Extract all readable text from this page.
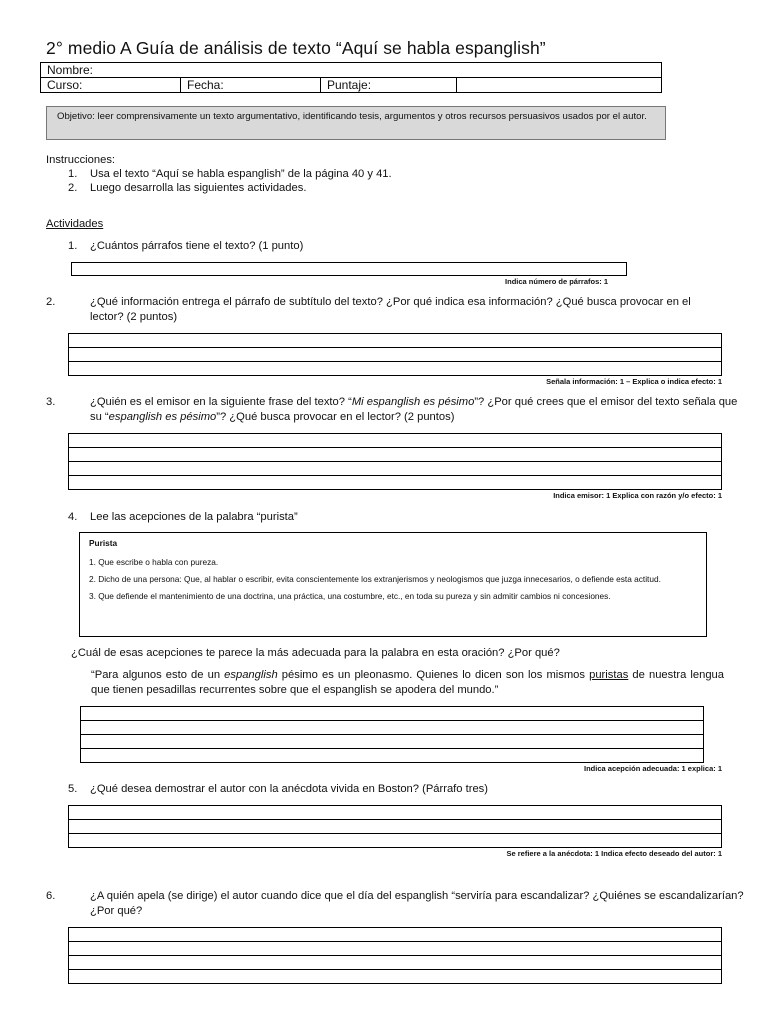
2° medio A Guía de análisis de texto “Aquí se habla espanglish”
Nombre:
Curso:	Fecha:	Puntaje:	
Objetivo: leer comprensivamente un texto argumentativo, identificando tesis, argumentos y otros recursos persuasivos usados por el autor.
Instrucciones:
1. Usa el texto “Aquí se habla espanglish” de la página 40 y 41.
2. Luego desarrolla las siguientes actividades.
Actividades
1. ¿Cuántos párrafos tiene el texto? (1 punto)
Indica número de párrafos: 1
2.	¿Qué información entrega el párrafo de subtítulo del texto? ¿Por qué indica esa información? ¿Qué busca provocar en el lector? (2 puntos)
Señala información: 1 – Explica o indica efecto: 1
3.	¿Quién es el emisor en la siguiente frase del texto? “Mi espanglish es pésimo”? ¿Por qué crees que el emisor del texto señala que su “espanglish es pésimo”? ¿Qué busca provocar en el lector? (2 puntos)
Indica emisor: 1 Explica con razón y/o efecto: 1
4. Lee las acepciones de la palabra “purista”

Purista

1. Que escribe o habla con pureza.

2. Dicho de una persona: Que, al hablar o escribir, evita conscientemente los extranjerismos y neologismos que juzga innecesarios, o defiende esta actitud.

3. Que defiende el mantenimiento de una doctrina, una práctica, una costumbre, etc., en toda su pureza y sin admitir cambios ni concesiones.

¿Cuál de esas acepciones te parece la más adecuada para la palabra en esta oración? ¿Por qué?
“Para algunos esto de un espanglish pésimo es un pleonasmo. Quienes lo dicen son los mismos puristas de nuestra lengua que tienen pesadillas recurrentes sobre que el espanglish se apodera del mundo.”
Indica acepción adecuada: 1 explica: 1
5. ¿Qué desea demostrar el autor con la anécdota vivida en Boston? (Párrafo tres)
Se refiere a la anécdota: 1 Indica efecto deseado del autor: 1
6.	¿A quién apela (se dirige) el autor cuando dice que el día del espanglish “serviría para escandalizar? ¿Quiénes se escandalizarían? ¿Por qué?
